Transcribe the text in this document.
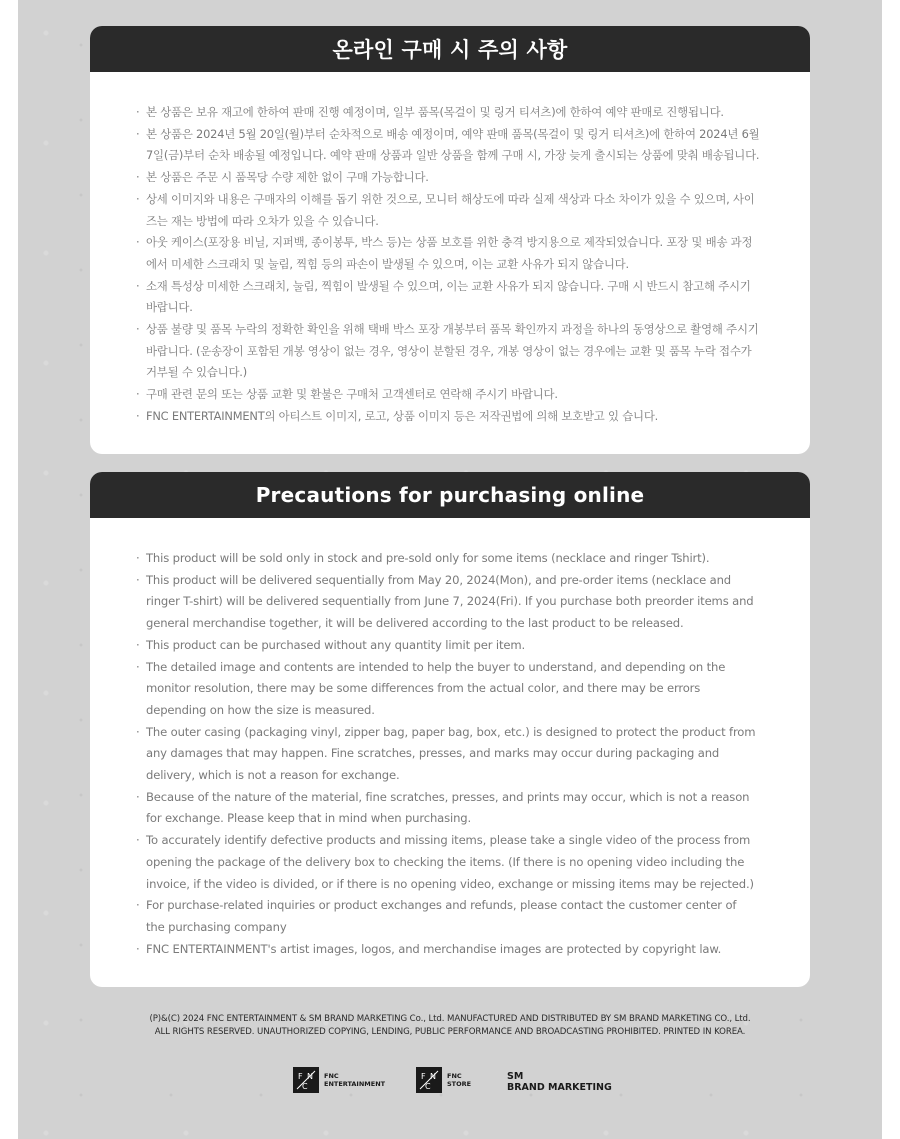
온라인 구매 시 주의 사항
· 본 상품은 보유 재고에 한하여 판매 진행 예정이며, 일부 품목(목걸이 및 링거 티셔츠)에 한하여 예약 판매로 진행됩니다.
· 본 상품은 2024년 5월 20일(월)부터 순차적으로 배송 예정이며, 예약 판매 품목(목걸이 및 링거 티셔츠)에 한하여 2024년 6월 7일(금)부터 순차 배송될 예정입니다. 예약 판매 상품과 일반 상품을 함께 구매 시, 가장 늦게 출시되는 상품에 맞춰 배송됩니다.
· 본 상품은 주문 시 품목당 수량 제한 없이 구매 가능합니다.
· 상세 이미지와 내용은 구매자의 이해를 돕기 위한 것으로, 모니터 해상도에 따라 실제 색상과 다소 차이가 있을 수 있으며, 사이즈는 재는 방법에 따라 오차가 있을 수 있습니다.
· 아웃 케이스(포장용 비닐, 지퍼백, 종이봉투, 박스 등)는 상품 보호를 위한 충격 방지용으로 제작되었습니다. 포장 및 배송 과정에서 미세한 스크래치 및 눌림, 찍힘 등의 파손이 발생될 수 있으며, 이는 교환 사유가 되지 않습니다.
· 소재 특성상 미세한 스크래치, 눌림, 찍힘이 발생될 수 있으며, 이는 교환 사유가 되지 않습니다. 구매 시 반드시 참고해 주시기 바랍니다.
· 상품 불량 및 품목 누락의 정확한 확인을 위해 택배 박스 포장 개봉부터 품목 확인까지 과정을 하나의 동영상으로 촬영해 주시기 바랍니다. (운송장이 포함된 개봉 영상이 없는 경우, 영상이 분할된 경우, 개봉 영상이 없는 경우에는 교환 및 품목 누락 접수가 거부될 수 있습니다.)
· 구매 관련 문의 또는 상품 교환 및 환불은 구매처 고객센터로 연락해 주시기 바랍니다.
· FNC ENTERTAINMENT의 아티스트 이미지, 로고, 상품 이미지 등은 저작권법에 의해 보호받고 있 습니다.
Precautions for purchasing online
· This product will be sold only in stock and pre-sold only for some items (necklace and ringer Tshirt).
· This product will be delivered sequentially from May 20, 2024(Mon), and pre-order items (necklace and ringer T-shirt) will be delivered sequentially from June 7, 2024(Fri). If you purchase both preorder items and general merchandise together, it will be delivered according to the last product to be released.
· This product can be purchased without any quantity limit per item.
· The detailed image and contents are intended to help the buyer to understand, and depending on the monitor resolution, there may be some differences from the actual color, and there may be errors depending on how the size is measured.
· The outer casing (packaging vinyl, zipper bag, paper bag, box, etc.) is designed to protect the product from any damages that may happen. Fine scratches, presses, and marks may occur during packaging and delivery, which is not a reason for exchange.
· Because of the nature of the material, fine scratches, presses, and prints may occur, which is not a reason for exchange. Please keep that in mind when purchasing.
· To accurately identify defective products and missing items, please take a single video of the process from opening the package of the delivery box to checking the items. (If there is no opening video including the invoice, if the video is divided, or if there is no opening video, exchange or missing items may be rejected.)
· For purchase-related inquiries or product exchanges and refunds, please contact the customer center of the purchasing company
· FNC ENTERTAINMENT's artist images, logos, and merchandise images are protected by copyright law.
(P)&(C) 2024 FNC ENTERTAINMENT & SM BRAND MARKETING Co., Ltd. MANUFACTURED AND DISTRIBUTED BY SM BRAND MARKETING CO., Ltd.
ALL RIGHTS RESERVED. UNAUTHORIZED COPYING, LENDING, PUBLIC PERFORMANCE AND BROADCASTING PROHIBITED. PRINTED IN KOREA.
F N
C
FNC
ENTERTAINMENT
F N
C
FNC
STORE
SM
BRAND MARKETING
